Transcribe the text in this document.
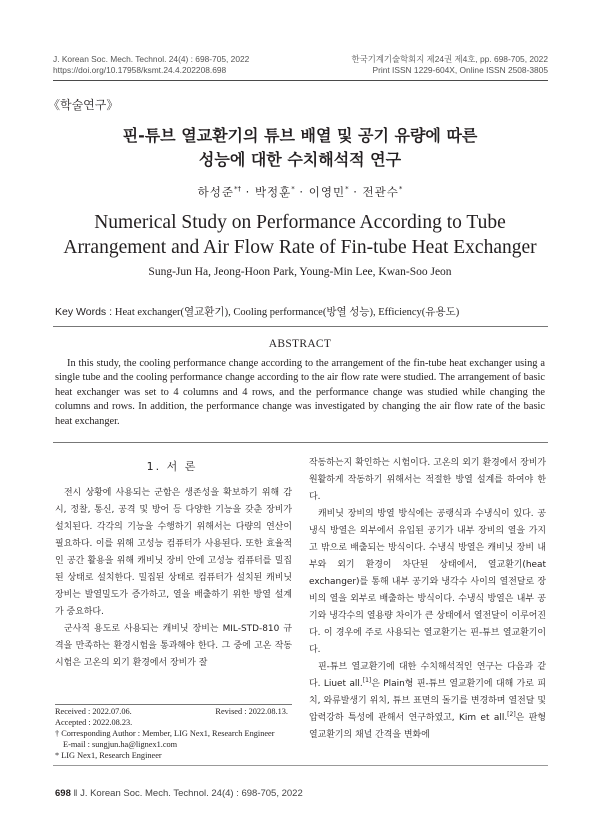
J. Korean Soc. Mech. Technol. 24(4) : 698-705, 2022
https://doi.org/10.17958/ksmt.24.4.202208.698
한국기계기술학회지 제24권 제4호, pp. 698-705, 2022
Print ISSN 1229-604X, Online ISSN 2508-3805
《학술연구》
핀-튜브 열교환기의 튜브 배열 및 공기 유량에 따른
성능에 대한 수치해석적 연구
하성준*† · 박정훈* · 이영민* · 전관수*
Numerical Study on Performance According to Tube
Arrangement and Air Flow Rate of Fin-tube Heat Exchanger
Sung-Jun Ha, Jeong-Hoon Park, Young-Min Lee, Kwan-Soo Jeon
Key Words : Heat exchanger(열교환기), Cooling performance(방열 성능), Efficiency(유용도)
ABSTRACT

In this study, the cooling performance change according to the arrangement of the fin-tube heat exchanger using a single tube and the cooling performance change according to the air flow rate were studied. The arrangement of basic heat exchanger was set to 4 columns and 4 rows, and the performance change was studied while changing the columns and rows. In addition, the performance change was investigated by changing the air flow rate of the basic heat exchanger.

1. 서 론

전시 상황에 사용되는 군함은 생존성을 확보하기 위해 감시, 정찰, 통신, 공격 및 방어 등 다양한 기능을 갖춘 장비가 설치된다. 각각의 기능을 수행하기 위해서는 다량의 연산이 필요하다. 이를 위해 고성능 컴퓨터가 사용된다. 또한 효율적인 공간 활용을 위해 캐비닛 장비 안에 고성능 컴퓨터를 밀집된 상태로 설치한다. 밀집된 상태로 컴퓨터가 설치된 캐비닛 장비는 발열밀도가 증가하고, 열을 배출하기 위한 방열 설계가 중요하다.

군사적 용도로 사용되는 캐비닛 장비는 MIL-STD-810 규격을 만족하는 환경시험을 통과해야 한다. 그 중에 고온 작동 시험은 고온의 외기 환경에서 장비가 잘

작동하는지 확인하는 시험이다. 고온의 외기 환경에서 장비가 원활하게 작동하기 위해서는 적절한 방열 설계를 하여야 한다.

캐비닛 장비의 방열 방식에는 공랭식과 수냉식이 있다. 공냉식 방열은 외부에서 유입된 공기가 내부 장비의 열을 가지고 밖으로 배출되는 방식이다. 수냉식 방열은 캐비닛 장비 내부와 외기 환경이 차단된 상태에서, 열교환기(heat exchanger)를 통해 내부 공기와 냉각수 사이의 열전달로 장비의 열을 외부로 배출하는 방식이다. 수냉식 방열은 내부 공기와 냉각수의 열용량 차이가 큰 상태에서 열전달이 이루어진다. 이 경우에 주로 사용되는 열교환기는 핀-튜브 열교환기이다.

핀-튜브 열교환기에 대한 수치해석적인 연구는 다음과 같다. Liuet all.[1]은 Plain형 핀-튜브 열교환기에 대해 가로 피치, 와류발생기 위치, 튜브 표면의 돌기를 변경하며 열전달 및 압력강하 특성에 관해서 연구하였고, Kim et all.[2]은 판형 열교환기의 채널 간격을 변화에

Received : 2022.07.06.	Revised : 2022.08.13.
Accepted : 2022.08.23.
† Corresponding Author : Member, LIG Nex1, Research Engineer
E-mail : sungjun.ha@lignex1.com
* LIG Nex1, Research Engineer
698 ‖ J. Korean Soc. Mech. Technol. 24(4) : 698-705, 2022
